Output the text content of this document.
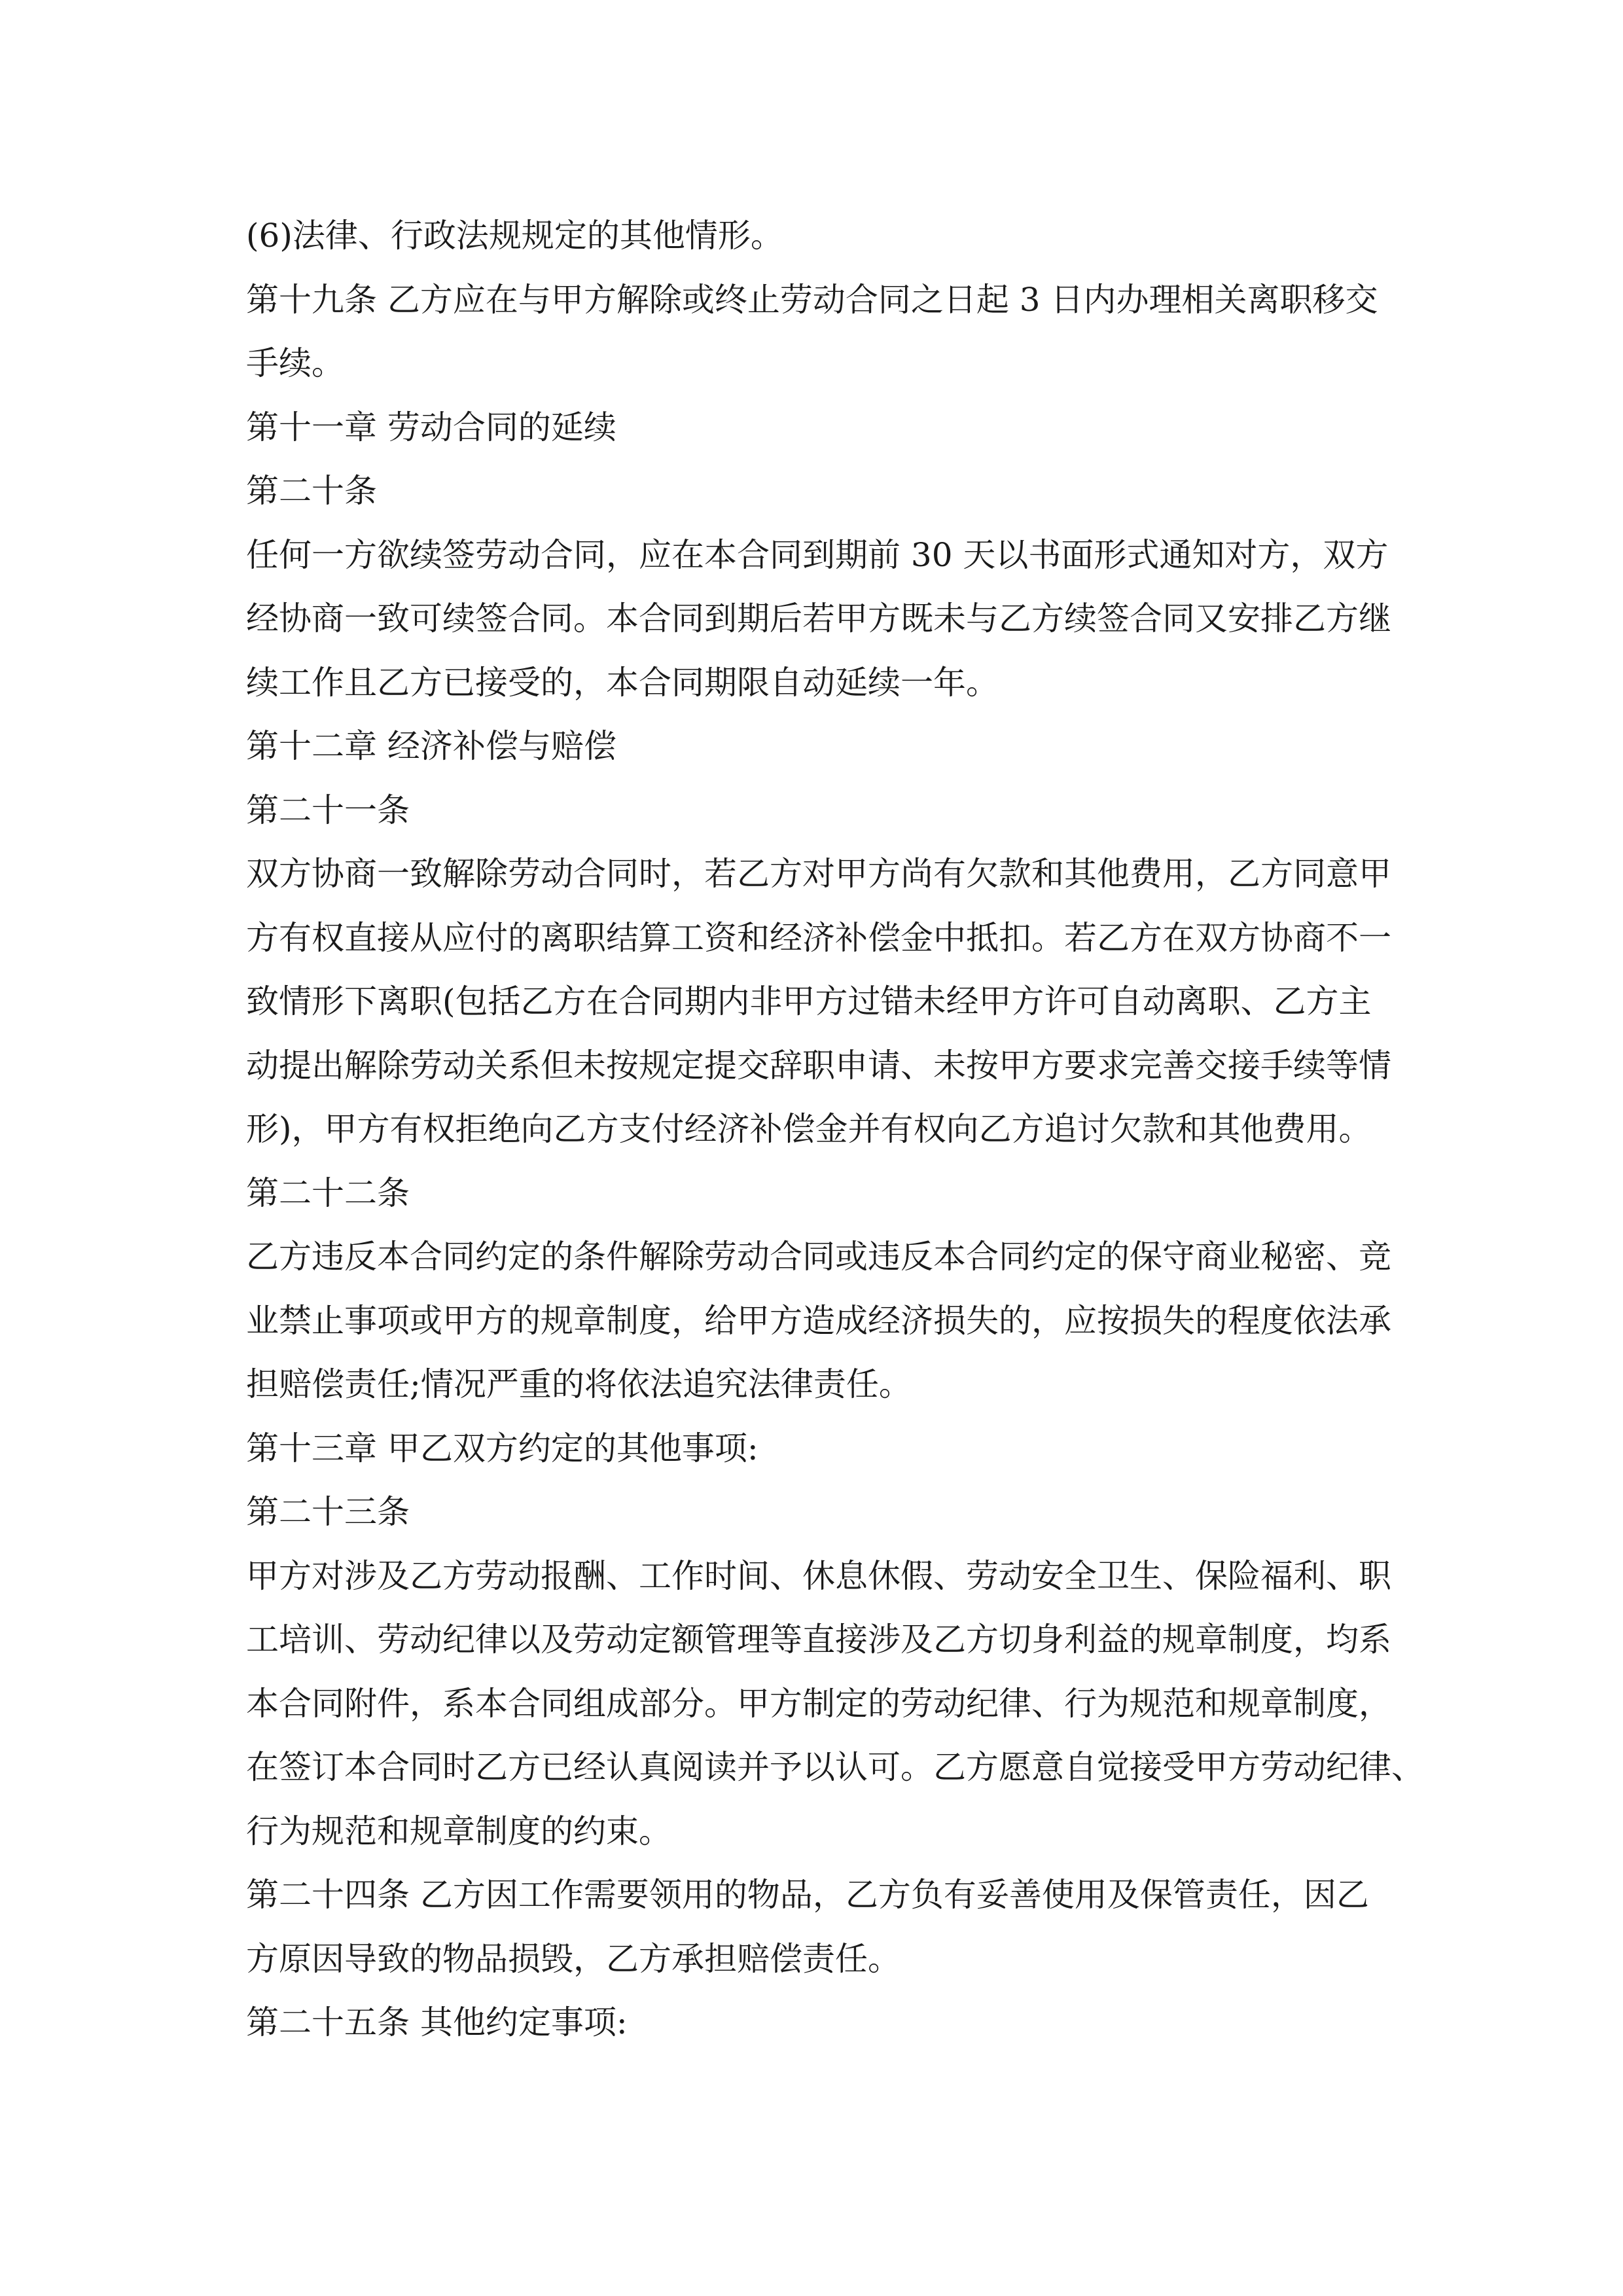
(6)法律、行政法规规定的其他情形。
第十九条 乙方应在与甲方解除或终止劳动合同之日起 3 日内办理相关离职移交
手续。
第十一章 劳动合同的延续
第二十条
任何一方欲续签劳动合同，应在本合同到期前 30 天以书面形式通知对方，双方
经协商一致可续签合同。本合同到期后若甲方既未与乙方续签合同又安排乙方继
续工作且乙方已接受的，本合同期限自动延续一年。
第十二章 经济补偿与赔偿
第二十一条
双方协商一致解除劳动合同时，若乙方对甲方尚有欠款和其他费用，乙方同意甲
方有权直接从应付的离职结算工资和经济补偿金中抵扣。若乙方在双方协商不一
致情形下离职(包括乙方在合同期内非甲方过错未经甲方许可自动离职、乙方主
动提出解除劳动关系但未按规定提交辞职申请、未按甲方要求完善交接手续等情
形)，甲方有权拒绝向乙方支付经济补偿金并有权向乙方追讨欠款和其他费用。
第二十二条
乙方违反本合同约定的条件解除劳动合同或违反本合同约定的保守商业秘密、竞
业禁止事项或甲方的规章制度，给甲方造成经济损失的，应按损失的程度依法承
担赔偿责任;情况严重的将依法追究法律责任。
第十三章 甲乙双方约定的其他事项:
第二十三条
甲方对涉及乙方劳动报酬、工作时间、休息休假、劳动安全卫生、保险福利、职
工培训、劳动纪律以及劳动定额管理等直接涉及乙方切身利益的规章制度，均系
本合同附件，系本合同组成部分。甲方制定的劳动纪律、行为规范和规章制度，
在签订本合同时乙方已经认真阅读并予以认可。乙方愿意自觉接受甲方劳动纪律、
行为规范和规章制度的约束。
第二十四条 乙方因工作需要领用的物品，乙方负有妥善使用及保管责任，因乙
方原因导致的物品损毁，乙方承担赔偿责任。
第二十五条 其他约定事项:
